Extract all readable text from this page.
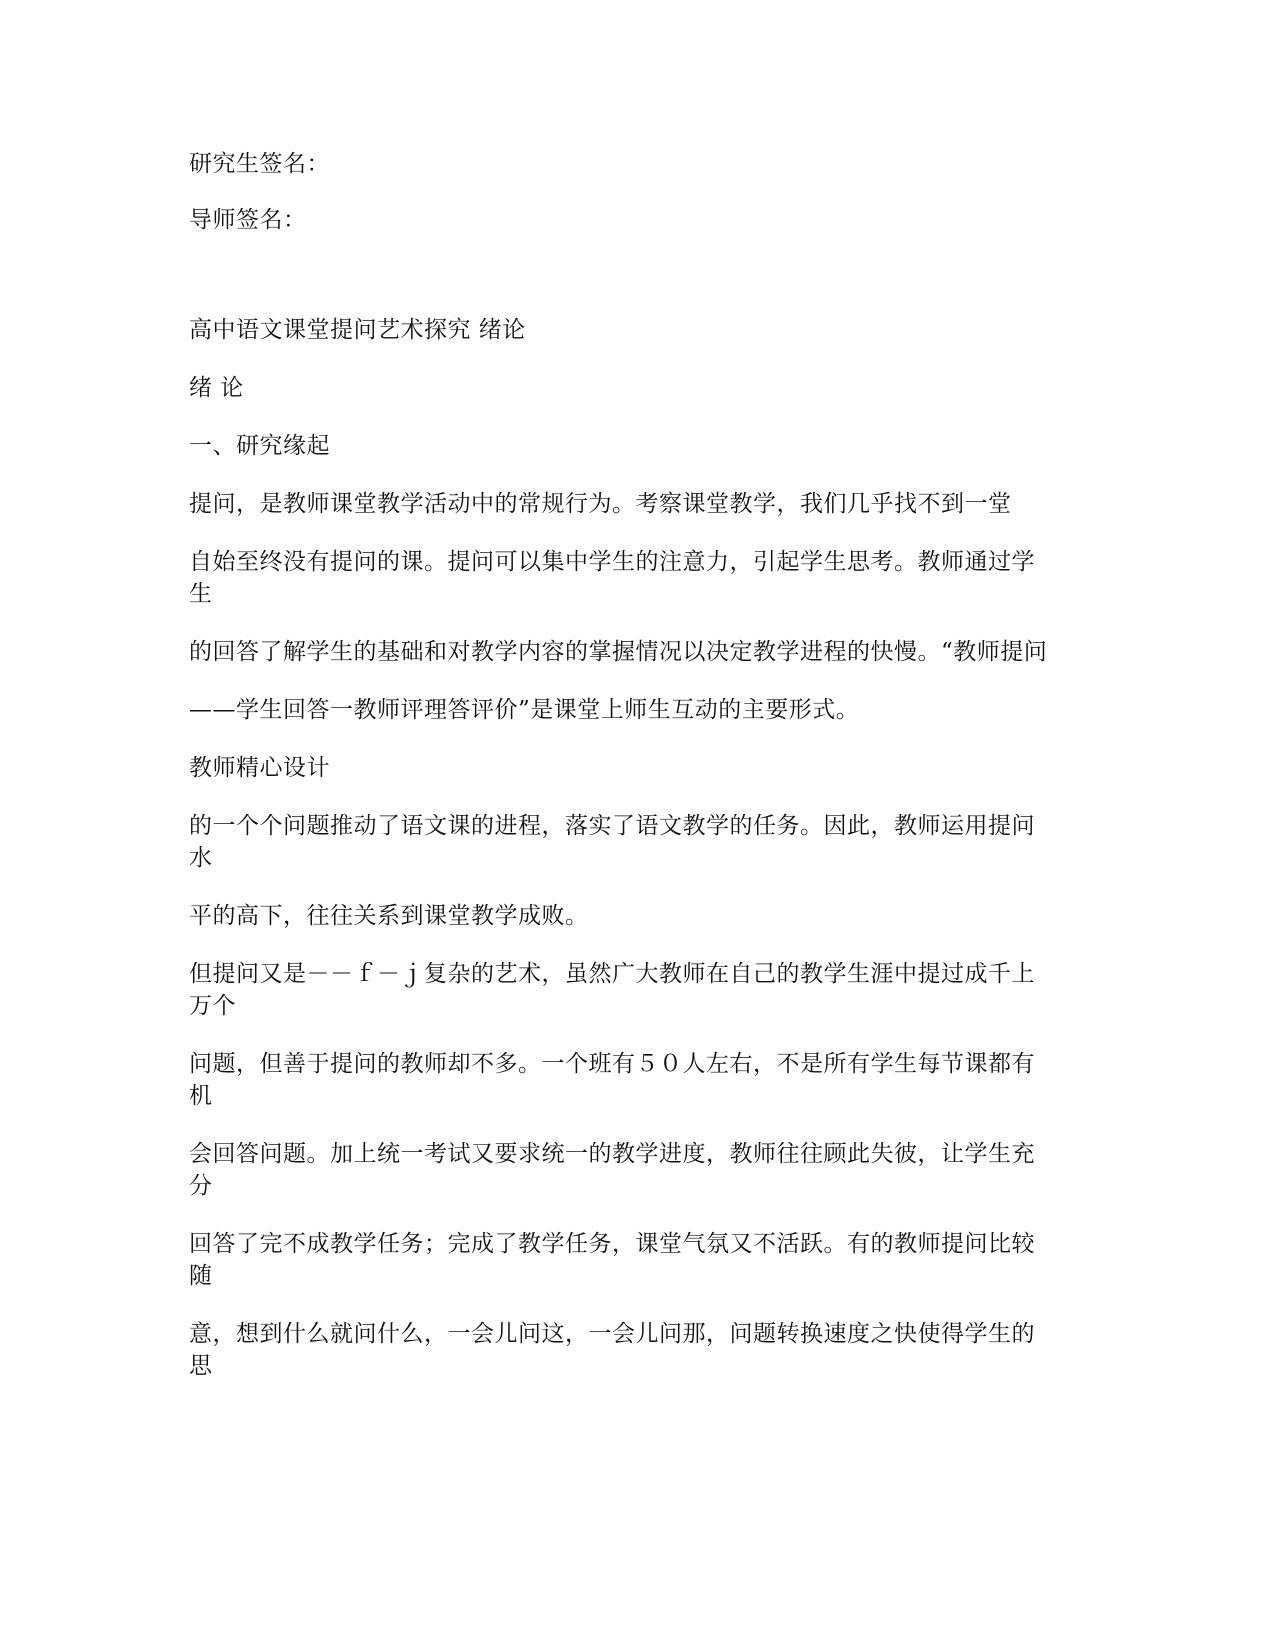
研究生签名：
导师签名：
高中语文课堂提问艺术探究 绪论
绪 论
一、研究缘起
提问，是教师课堂教学活动中的常规行为。考察课堂教学，我们几乎找不到一堂
自始至终没有提问的课。提问可以集中学生的注意力，引起学生思考。教师通过学
生
的回答了解学生的基础和对教学内容的掌握情况以决定教学进程的快慢。“教师提问
——学生回答一教师评理答评价”是课堂上师生互动的主要形式。
教师精心设计
的一个个问题推动了语文课的进程，落实了语文教学的任务。因此，教师运用提问
水
平的高下，往往关系到课堂教学成败。
但提问又是－－ｆ－ｊ复杂的艺术，虽然广大教师在自己的教学生涯中提过成千上
万个
问题，但善于提问的教师却不多。一个班有５０人左右，不是所有学生每节课都有
机
会回答问题。加上统一考试又要求统一的教学进度，教师往往顾此失彼，让学生充
分
回答了完不成教学任务；完成了教学任务，课堂气氛又不活跃。有的教师提问比较
随
意，想到什么就问什么，一会儿问这，一会儿问那，问题转换速度之快使得学生的
思
